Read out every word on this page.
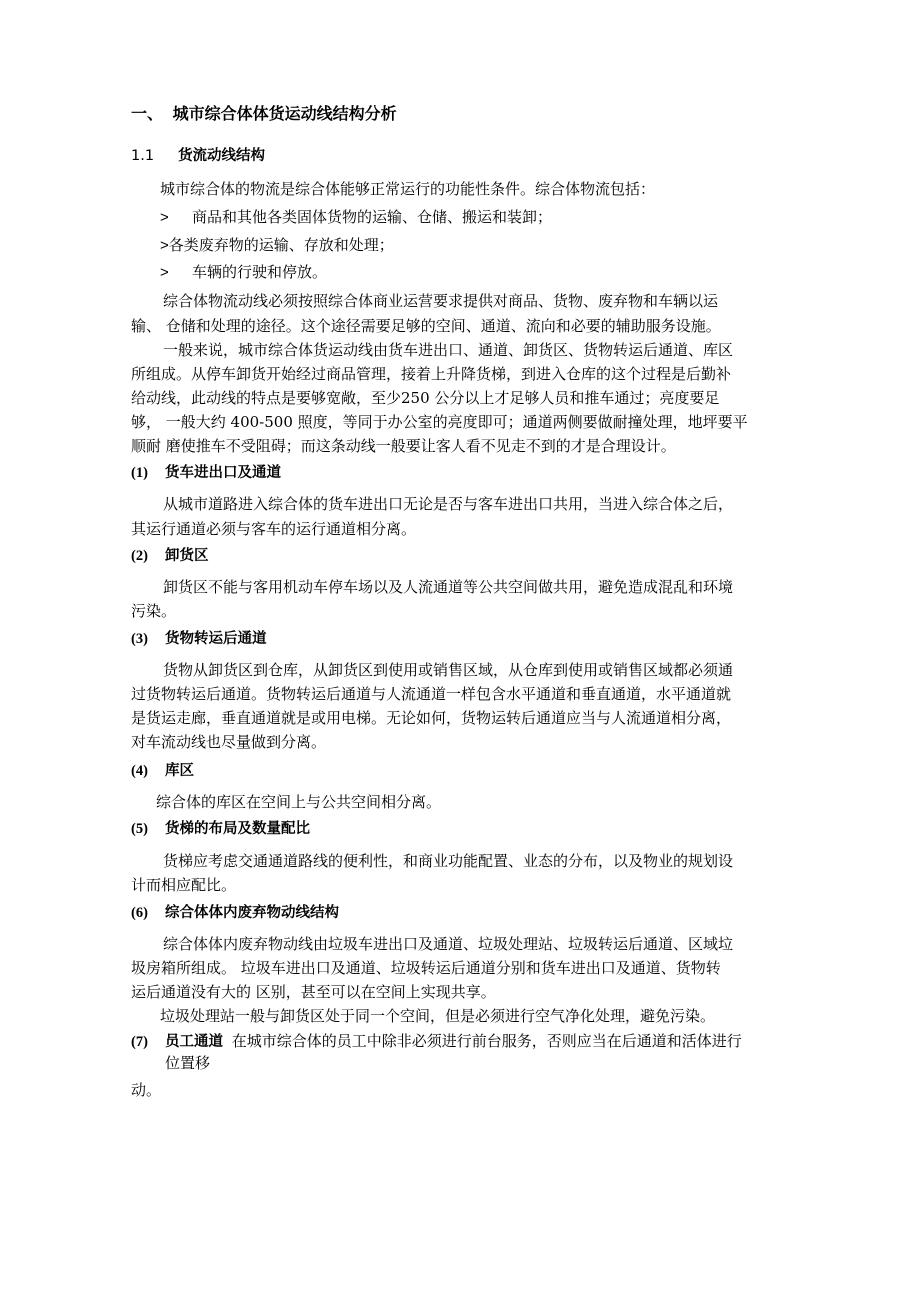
一、 城市综合体体货运动线结构分析
1.1 货流动线结构
城市综合体的物流是综合体能够正常运行的功能性条件。综合体物流包括：
> 商品和其他各类固体货物的运输、仓储、搬运和装卸；
>各类废弃物的运输、存放和处理；
> 车辆的行驶和停放。
综合体物流动线必须按照综合体商业运营要求提供对商品、货物、废弃物和车辆以运
输、 仓储和处理的途径。这个途径需要足够的空间、通道、流向和必要的辅助服务设施。
一般来说，城市综合体货运动线由货车进出口、通道、卸货区、货物转运后通道、库区
所组成。从停车卸货开始经过商品管理，接着上升降货梯，到进入仓库的这个过程是后勤补
给动线，此动线的特点是要够宽敞，至少250 公分以上才足够人员和推车通过；亮度要足
够， 一般大约 400-500 照度，等同于办公室的亮度即可；通道两侧要做耐撞处理，地坪要平
顺耐 磨使推车不受阻碍；而这条动线一般要让客人看不见走不到的才是合理设计。
(1) 货车进出口及通道
从城市道路进入综合体的货车进出口无论是否与客车进出口共用，当进入综合体之后，
其运行通道必须与客车的运行通道相分离。
(2) 卸货区
卸货区不能与客用机动车停车场以及人流通道等公共空间做共用，避免造成混乱和环境
污染。
(3) 货物转运后通道
货物从卸货区到仓库，从卸货区到使用或销售区域，从仓库到使用或销售区域都必须通
过货物转运后通道。货物转运后通道与人流通道一样包含水平通道和垂直通道，水平通道就
是货运走廊，垂直通道就是或用电梯。无论如何，货物运转后通道应当与人流通道相分离，
对车流动线也尽量做到分离。
(4) 库区
综合体的库区在空间上与公共空间相分离。
(5) 货梯的布局及数量配比
货梯应考虑交通通道路线的便利性，和商业功能配置、业态的分布，以及物业的规划设
计而相应配比。
(6) 综合体体内废弃物动线结构
综合体体内废弃物动线由垃圾车进出口及通道、垃圾处理站、垃圾转运后通道、区域垃
圾房箱所组成。 垃圾车进出口及通道、垃圾转运后通道分别和货车进出口及通道、货物转
运后通道没有大的 区别，甚至可以在空间上实现共享。
垃圾处理站一般与卸货区处于同一个空间，但是必须进行空气净化处理，避免污染。
(7) 员工通道 在城市综合体的员工中除非必须进行前台服务，否则应当在后通道和活体进行
位置移
动。
